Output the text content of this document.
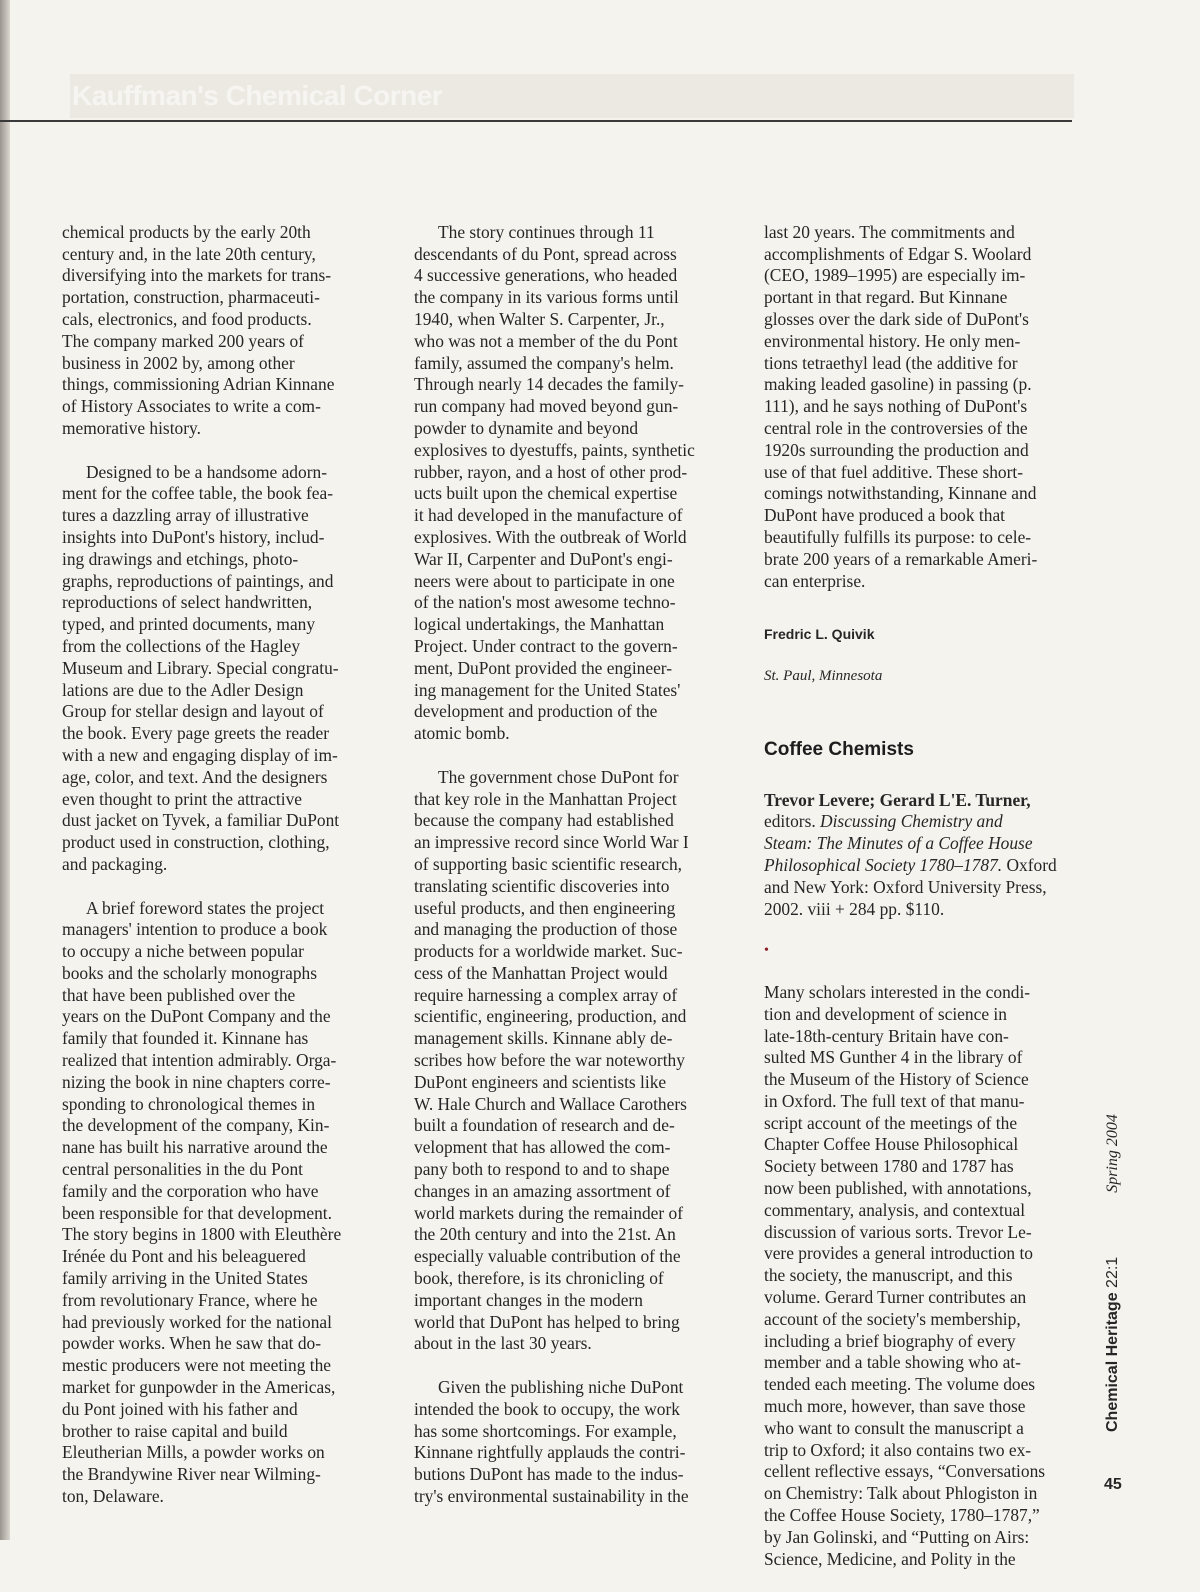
Kauffman's Chemical Corner

chemical products by the early 20th
century and, in the late 20th century,
diversifying into the markets for trans-
portation, construction, pharmaceuti-
cals, electronics, and food products.
The company marked 200 years of
business in 2002 by, among other
things, commissioning Adrian Kinnane
of History Associates to write a com-
memorative history.

Designed to be a handsome adorn-
ment for the coffee table, the book fea-
tures a dazzling array of illustrative
insights into DuPont's history, includ-
ing drawings and etchings, photo-
graphs, reproductions of paintings, and
reproductions of select handwritten,
typed, and printed documents, many
from the collections of the Hagley
Museum and Library. Special congratu-
lations are due to the Adler Design
Group for stellar design and layout of
the book. Every page greets the reader
with a new and engaging display of im-
age, color, and text. And the designers
even thought to print the attractive
dust jacket on Tyvek, a familiar DuPont
product used in construction, clothing,
and packaging.

A brief foreword states the project
managers' intention to produce a book
to occupy a niche between popular
books and the scholarly monographs
that have been published over the
years on the DuPont Company and the
family that founded it. Kinnane has
realized that intention admirably. Orga-
nizing the book in nine chapters corre-
sponding to chronological themes in
the development of the company, Kin-
nane has built his narrative around the
central personalities in the du Pont
family and the corporation who have
been responsible for that development.
The story begins in 1800 with Eleuthère
Irénée du Pont and his beleaguered
family arriving in the United States
from revolutionary France, where he
had previously worked for the national
powder works. When he saw that do-
mestic producers were not meeting the
market for gunpowder in the Americas,
du Pont joined with his father and
brother to raise capital and build
Eleutherian Mills, a powder works on
the Brandywine River near Wilming-
ton, Delaware.

The story continues through 11
descendants of du Pont, spread across
4 successive generations, who headed
the company in its various forms until
1940, when Walter S. Carpenter, Jr.,
who was not a member of the du Pont
family, assumed the company's helm.
Through nearly 14 decades the family-
run company had moved beyond gun-
powder to dynamite and beyond
explosives to dyestuffs, paints, synthetic
rubber, rayon, and a host of other prod-
ucts built upon the chemical expertise
it had developed in the manufacture of
explosives. With the outbreak of World
War II, Carpenter and DuPont's engi-
neers were about to participate in one
of the nation's most awesome techno-
logical undertakings, the Manhattan
Project. Under contract to the govern-
ment, DuPont provided the engineer-
ing management for the United States'
development and production of the
atomic bomb.

The government chose DuPont for
that key role in the Manhattan Project
because the company had established
an impressive record since World War I
of supporting basic scientific research,
translating scientific discoveries into
useful products, and then engineering
and managing the production of those
products for a worldwide market. Suc-
cess of the Manhattan Project would
require harnessing a complex array of
scientific, engineering, production, and
management skills. Kinnane ably de-
scribes how before the war noteworthy
DuPont engineers and scientists like
W. Hale Church and Wallace Carothers
built a foundation of research and de-
velopment that has allowed the com-
pany both to respond to and to shape
changes in an amazing assortment of
world markets during the remainder of
the 20th century and into the 21st. An
especially valuable contribution of the
book, therefore, is its chronicling of
important changes in the modern
world that DuPont has helped to bring
about in the last 30 years.

Given the publishing niche DuPont
intended the book to occupy, the work
has some shortcomings. For example,
Kinnane rightfully applauds the contri-
butions DuPont has made to the indus-
try's environmental sustainability in the

last 20 years. The commitments and
accomplishments of Edgar S. Woolard
(CEO, 1989–1995) are especially im-
portant in that regard. But Kinnane
glosses over the dark side of DuPont's
environmental history. He only men-
tions tetraethyl lead (the additive for
making leaded gasoline) in passing (p.
111), and he says nothing of DuPont's
central role in the controversies of the
1920s surrounding the production and
use of that fuel additive. These short-
comings notwithstanding, Kinnane and
DuPont have produced a book that
beautifully fulfills its purpose: to cele-
brate 200 years of a remarkable Ameri-
can enterprise.

Fredric L. Quivik

St. Paul, Minnesota

Coffee Chemists

Trevor Levere; Gerard L'E. Turner,
editors. Discussing Chemistry and
Steam: The Minutes of a Coffee House
Philosophical Society 1780–1787. Oxford
and New York: Oxford University Press,
2002. viii + 284 pp. $110.

•

Many scholars interested in the condi-
tion and development of science in
late-18th-century Britain have con-
sulted MS Gunther 4 in the library of
the Museum of the History of Science
in Oxford. The full text of that manu-
script account of the meetings of the
Chapter Coffee House Philosophical
Society between 1780 and 1787 has
now been published, with annotations,
commentary, analysis, and contextual
discussion of various sorts. Trevor Le-
vere provides a general introduction to
the society, the manuscript, and this
volume. Gerard Turner contributes an
account of the society's membership,
including a brief biography of every
member and a table showing who at-
tended each meeting. The volume does
much more, however, than save those
who want to consult the manuscript a
trip to Oxford; it also contains two ex-
cellent reflective essays, “Conversations
on Chemistry: Talk about Phlogiston in
the Coffee House Society, 1780–1787,”
by Jan Golinski, and “Putting on Airs:
Science, Medicine, and Polity in the

Chemical Heritage 22:1Spring 2004
45
